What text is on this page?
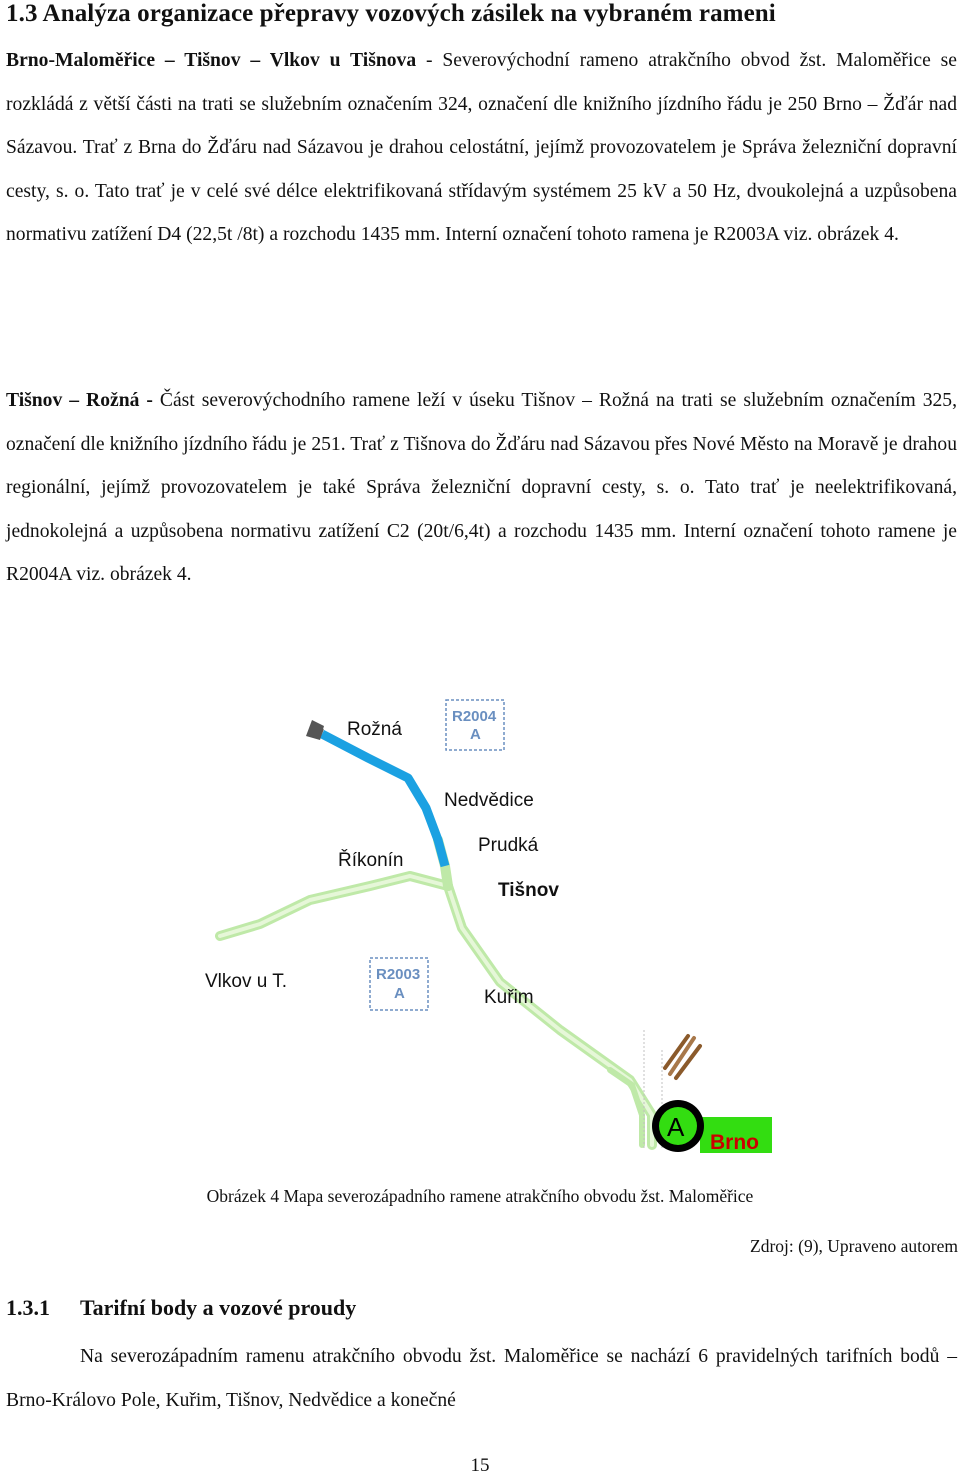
1.3 Analýza organizace přepravy vozových zásilek na vybraném rameni

Brno-Maloměřice – Tišnov – Vlkov u Tišnova - Severovýchodní rameno atrakčního obvod žst. Maloměřice se rozkládá z větší části na trati se služebním označením 324, označení dle knižního jízdního řádu je 250 Brno – Žďár nad Sázavou. Trať z Brna do Žďáru nad Sázavou je drahou celostátní, jejímž provozovatelem je Správa železniční dopravní cesty, s. o. Tato trať je v celé své délce elektrifikovaná střídavým systémem 25 kV a 50 Hz, dvoukolejná a uzpůsobena normativu zatížení D4 (22,5t /8t) a rozchodu 1435 mm. Interní označení tohoto ramena je R2003A viz. obrázek 4.

Tišnov – Rožná - Část severovýchodního ramene leží v úseku Tišnov – Rožná na trati se služebním označením 325, označení dle knižního jízdního řádu je 251. Trať z Tišnova do Žďáru nad Sázavou přes Nové Město na Moravě je drahou regionální, jejímž provozovatelem je také Správa železniční dopravní cesty, s. o. Tato trať je neelektrifikovaná, jednokolejná a uzpůsobena normativu zatížení C2 (20t/6,4t) a rozchodu 1435 mm. Interní označení tohoto ramene je R2004A viz. obrázek 4.

Brno
A
R2004
A
R2003
A
Rožná
Nedvědice
Říkonín
Prudká
Tišnov
Vlkov u T.
Kuřim
Obrázek 4 Mapa severozápadního ramene atrakčního obvodu žst. Maloměřice
Zdroj: (9), Upraveno autorem
1.3.1 Tarifní body a vozové proudy

Na severozápadním ramenu atrakčního obvodu žst. Maloměřice se nachází 6 pravidelných tarifních bodů – Brno-Královo Pole, Kuřim, Tišnov, Nedvědice a konečné

15
